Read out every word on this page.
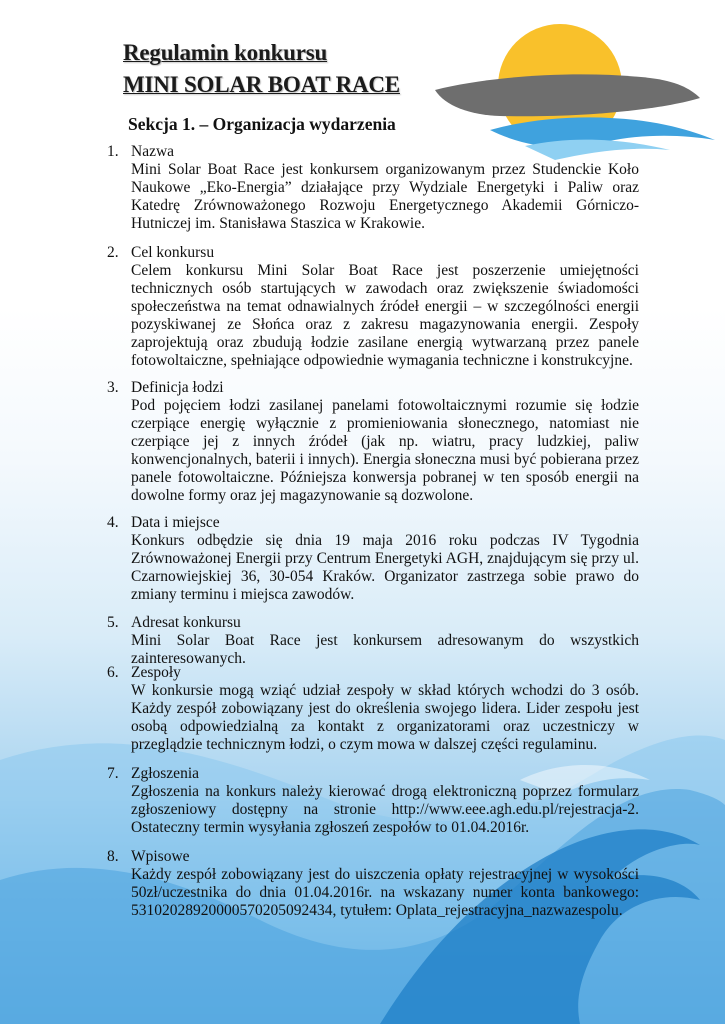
Regulamin konkursu
MINI SOLAR BOAT RACE
Sekcja 1. – Organizacja wydarzenia
1. Nazwa
Mini Solar Boat Race jest konkursem organizowanym przez Studenckie Koło Naukowe „Eko-Energia” działające przy Wydziale Energetyki i Paliw oraz Katedrę Zrównoważonego Rozwoju Energetycznego Akademii Górniczo-Hutniczej im. Stanisława Staszica w Krakowie.
2. Cel konkursu
Celem konkursu Mini Solar Boat Race jest poszerzenie umiejętności technicznych osób startujących w zawodach oraz zwiększenie świadomości społeczeństwa na temat odnawialnych źródeł energii – w szczególności energii pozyskiwanej ze Słońca oraz z zakresu magazynowania energii. Zespoły zaprojektują oraz zbudują łodzie zasilane energią wytwarzaną przez panele fotowoltaiczne, spełniające odpowiednie wymagania techniczne i konstrukcyjne.
3. Definicja łodzi
Pod pojęciem łodzi zasilanej panelami fotowoltaicznymi rozumie się łodzie czerpiące energię wyłącznie z promieniowania słonecznego, natomiast nie czerpiące jej z innych źródeł (jak np. wiatru, pracy ludzkiej, paliw konwencjonalnych, baterii i innych). Energia słoneczna musi być pobierana przez panele fotowoltaiczne. Późniejsza konwersja pobranej w ten sposób energii na dowolne formy oraz jej magazynowanie są dozwolone.
4. Data i miejsce
Konkurs odbędzie się dnia 19 maja 2016 roku podczas IV Tygodnia Zrównoważonej Energii przy Centrum Energetyki AGH, znajdującym się przy ul. Czarnowiejskiej 36, 30-054 Kraków. Organizator zastrzega sobie prawo do zmiany terminu i miejsca zawodów.
5. Adresat konkursu
Mini Solar Boat Race jest konkursem adresowanym do wszystkich zainteresowanych.
6. Zespoły
W konkursie mogą wziąć udział zespoły w skład których wchodzi do 3 osób. Każdy zespół zobowiązany jest do określenia swojego lidera. Lider zespołu jest osobą odpowiedzialną za kontakt z organizatorami oraz uczestniczy w przeglądzie technicznym łodzi, o czym mowa w dalszej części regulaminu.
7. Zgłoszenia
Zgłoszenia na konkurs należy kierować drogą elektroniczną poprzez formularz zgłoszeniowy dostępny na stronie http://www.eee.agh.edu.pl/rejestracja-2. Ostateczny termin wysyłania zgłoszeń zespołów to 01.04.2016r.
8. Wpisowe
Każdy zespół zobowiązany jest do uiszczenia opłaty rejestracyjnej w wysokości 50zł/uczestnika do dnia 01.04.2016r. na wskazany numer konta bankowego: 53102028920000570205092434, tytułem: Oplata_rejestracyjna_nazwazespolu.
